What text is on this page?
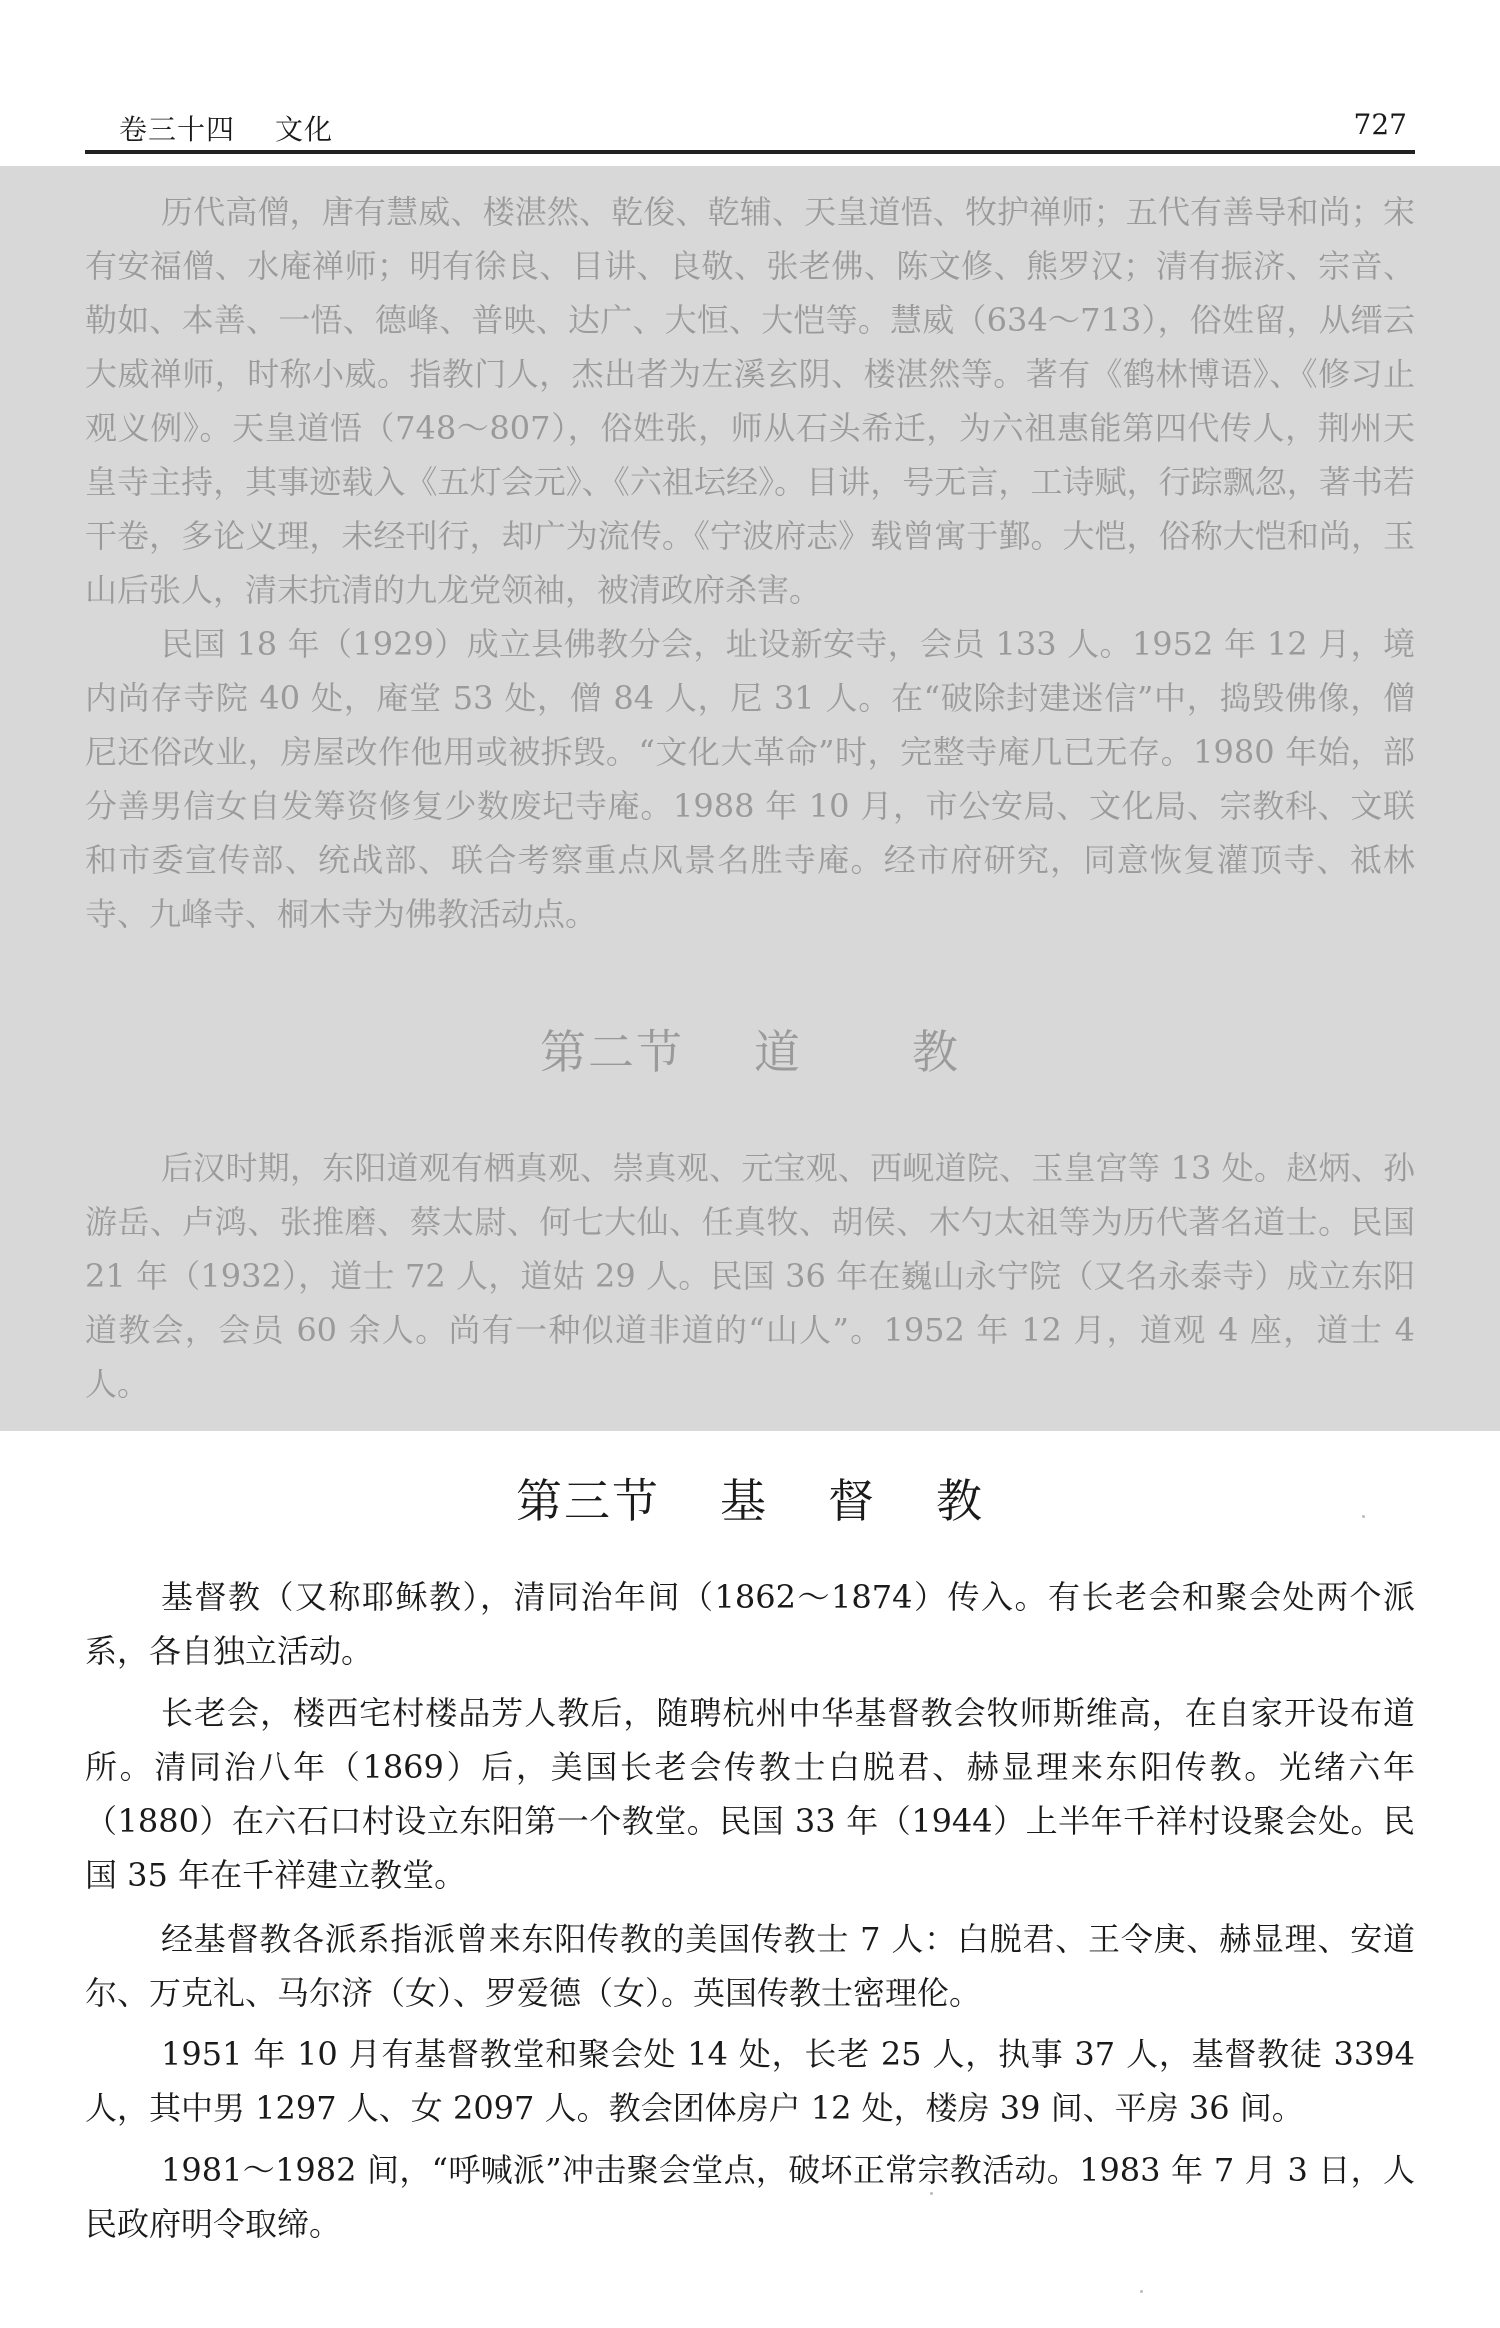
卷三十四 文化	727

历代高僧，唐有慧威、楼湛然、乾俊、乾辅、天皇道悟、牧护禅师；五代有善导和尚；宋有安福僧、水庵禅师；明有徐良、目讲、良敬、张老佛、陈文修、熊罗汉；清有振济、宗音、勒如、本善、一悟、德峰、普映、达广、大恒、大恺等。慧威（634～713），俗姓留，从缙云大威禅师，时称小威。指教门人，杰出者为左溪玄阴、楼湛然等。著有《鹤林博语》、《修习止观义例》。天皇道悟（748～807），俗姓张，师从石头希迁，为六祖惠能第四代传人，荆州天皇寺主持，其事迹载入《五灯会元》、《六祖坛经》。目讲，号无言，工诗赋，行踪飘忽，著书若干卷，多论义理，未经刊行，却广为流传。《宁波府志》载曾寓于鄞。大恺，俗称大恺和尚，玉山后张人，清末抗清的九龙党领袖，被清政府杀害。

民国 18 年（1929）成立县佛教分会，址设新安寺，会员 133 人。1952 年 12 月，境内尚存寺院 40 处，庵堂 53 处，僧 84 人，尼 31 人。在“破除封建迷信”中，捣毁佛像，僧尼还俗改业，房屋改作他用或被拆毁。“文化大革命”时，完整寺庵几已无存。1980 年始，部分善男信女自发筹资修复少数废圮寺庵。1988 年 10 月，市公安局、文化局、宗教科、文联和市委宣传部、统战部、联合考察重点风景名胜寺庵。经市府研究，同意恢复灌顶寺、祗林寺、九峰寺、桐木寺为佛教活动点。

第二节 道 教

后汉时期，东阳道观有栖真观、崇真观、元宝观、西岘道院、玉皇宫等 13 处。赵炳、孙游岳、卢鸿、张推磨、蔡太尉、何七大仙、任真牧、胡侯、木勺太祖等为历代著名道士。民国 21 年（1932），道士 72 人，道姑 29 人。民国 36 年在巍山永宁院（又名永泰寺）成立东阳道教会，会员 60 余人。尚有一种似道非道的“山人”。1952 年 12 月，道观 4 座，道士 4 人。

第三节 基 督 教

基督教（又称耶稣教），清同治年间（1862～1874）传入。有长老会和聚会处两个派系，各自独立活动。

长老会，楼西宅村楼品芳人教后，随聘杭州中华基督教会牧师斯维高，在自家开设布道所。清同治八年（1869）后，美国长老会传教士白脱君、赫显理来东阳传教。光绪六年（1880）在六石口村设立东阳第一个教堂。民国 33 年（1944）上半年千祥村设聚会处。民国 35 年在千祥建立教堂。

经基督教各派系指派曾来东阳传教的美国传教士 7 人：白脱君、王令庚、赫显理、安道尔、万克礼、马尔济（女）、罗爱德（女）。英国传教士密理伦。

1951 年 10 月有基督教堂和聚会处 14 处，长老 25 人，执事 37 人，基督教徒 3394 人，其中男 1297 人、女 2097 人。教会团体房户 12 处，楼房 39 间、平房 36 间。

1981～1982 间，“呼喊派”冲击聚会堂点，破坏正常宗教活动。1983 年 7 月 3 日，人民政府明令取缔。
